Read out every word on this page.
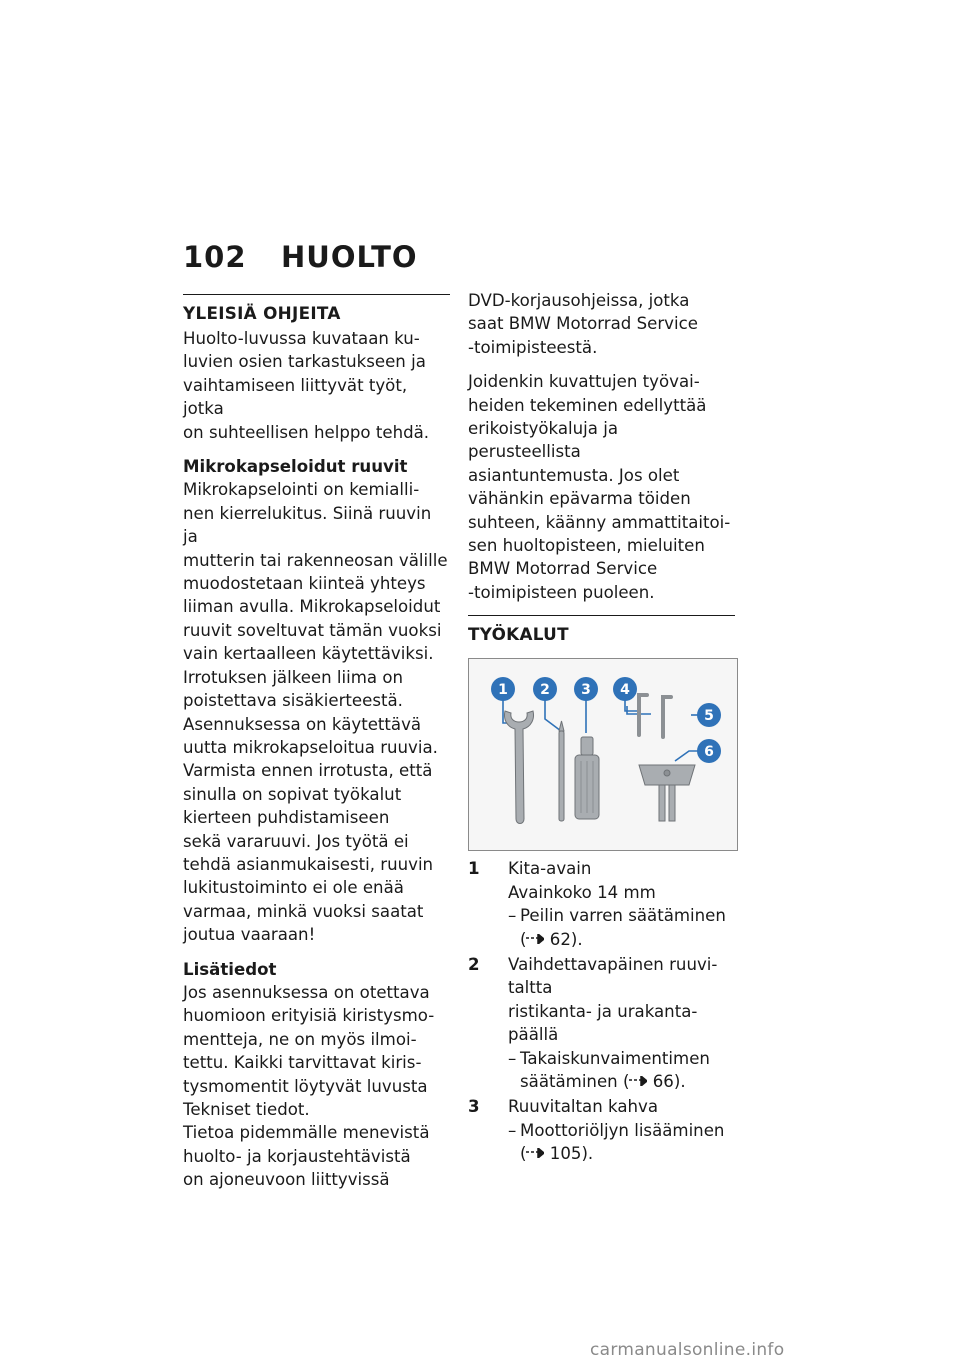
102 HUOLTO
YLEISIÄ OHJEITA

Huolto-luvussa kuvataan ku-
luvien osien tarkastukseen ja
vaihtamiseen liittyvät työt, jotka
on suhteellisen helppo tehdä.

Mikrokapseloidut ruuvit

Mikrokapselointi on kemialli-
nen kierrelukitus. Siinä ruuvin ja
mutterin tai rakenneosan välille
muodostetaan kiinteä yhteys
liiman avulla. Mikrokapseloidut
ruuvit soveltuvat tämän vuoksi
vain kertaalleen käytettäviksi.
Irrotuksen jälkeen liima on
poistettava sisäkierteestä.
Asennuksessa on käytettävä
uutta mikrokapseloitua ruuvia.
Varmista ennen irrotusta, että
sinulla on sopivat työkalut
kierteen puhdistamiseen
sekä vararuuvi. Jos työtä ei
tehdä asianmukaisesti, ruuvin
lukitustoiminto ei ole enää
varmaa, minkä vuoksi saatat
joutua vaaraan!

Lisätiedot

Jos asennuksessa on otettava
huomioon erityisiä kiristysmo-
mentteja, ne on myös ilmoi-
tettu. Kaikki tarvittavat kiris-
tysmomentit löytyvät luvusta
Tekniset tiedot.
Tietoa pidemmälle menevistä
huolto- ja korjaustehtävistä
on ajoneuvoon liittyvissä

DVD-korjausohjeissa, jotka
saat BMW Motorrad Service
-toimipisteestä.

Joidenkin kuvattujen työvai-
heiden tekeminen edellyttää
erikoistyökaluja ja perusteellista
asiantuntemusta. Jos olet
vähänkin epävarma töiden
suhteen, käänny ammattitaitoi-
sen huoltopisteen, mieluiten
BMW Motorrad Service
-toimipisteen puoleen.

TYÖKALUT
1 2 3 4
5
6
1 Kita-avain
Avainkoko 14 mm
– Peilin varren säätäminen
( 62).
2 Vaihdettavapäinen ruuvi-
taltta
ristikanta- ja urakanta-
päällä
– Takaiskunvaimentimen
säätäminen ( 66).
3 Ruuvitaltan kahva
– Moottoriöljyn lisääminen
( 105).
carmanualsonline.info
